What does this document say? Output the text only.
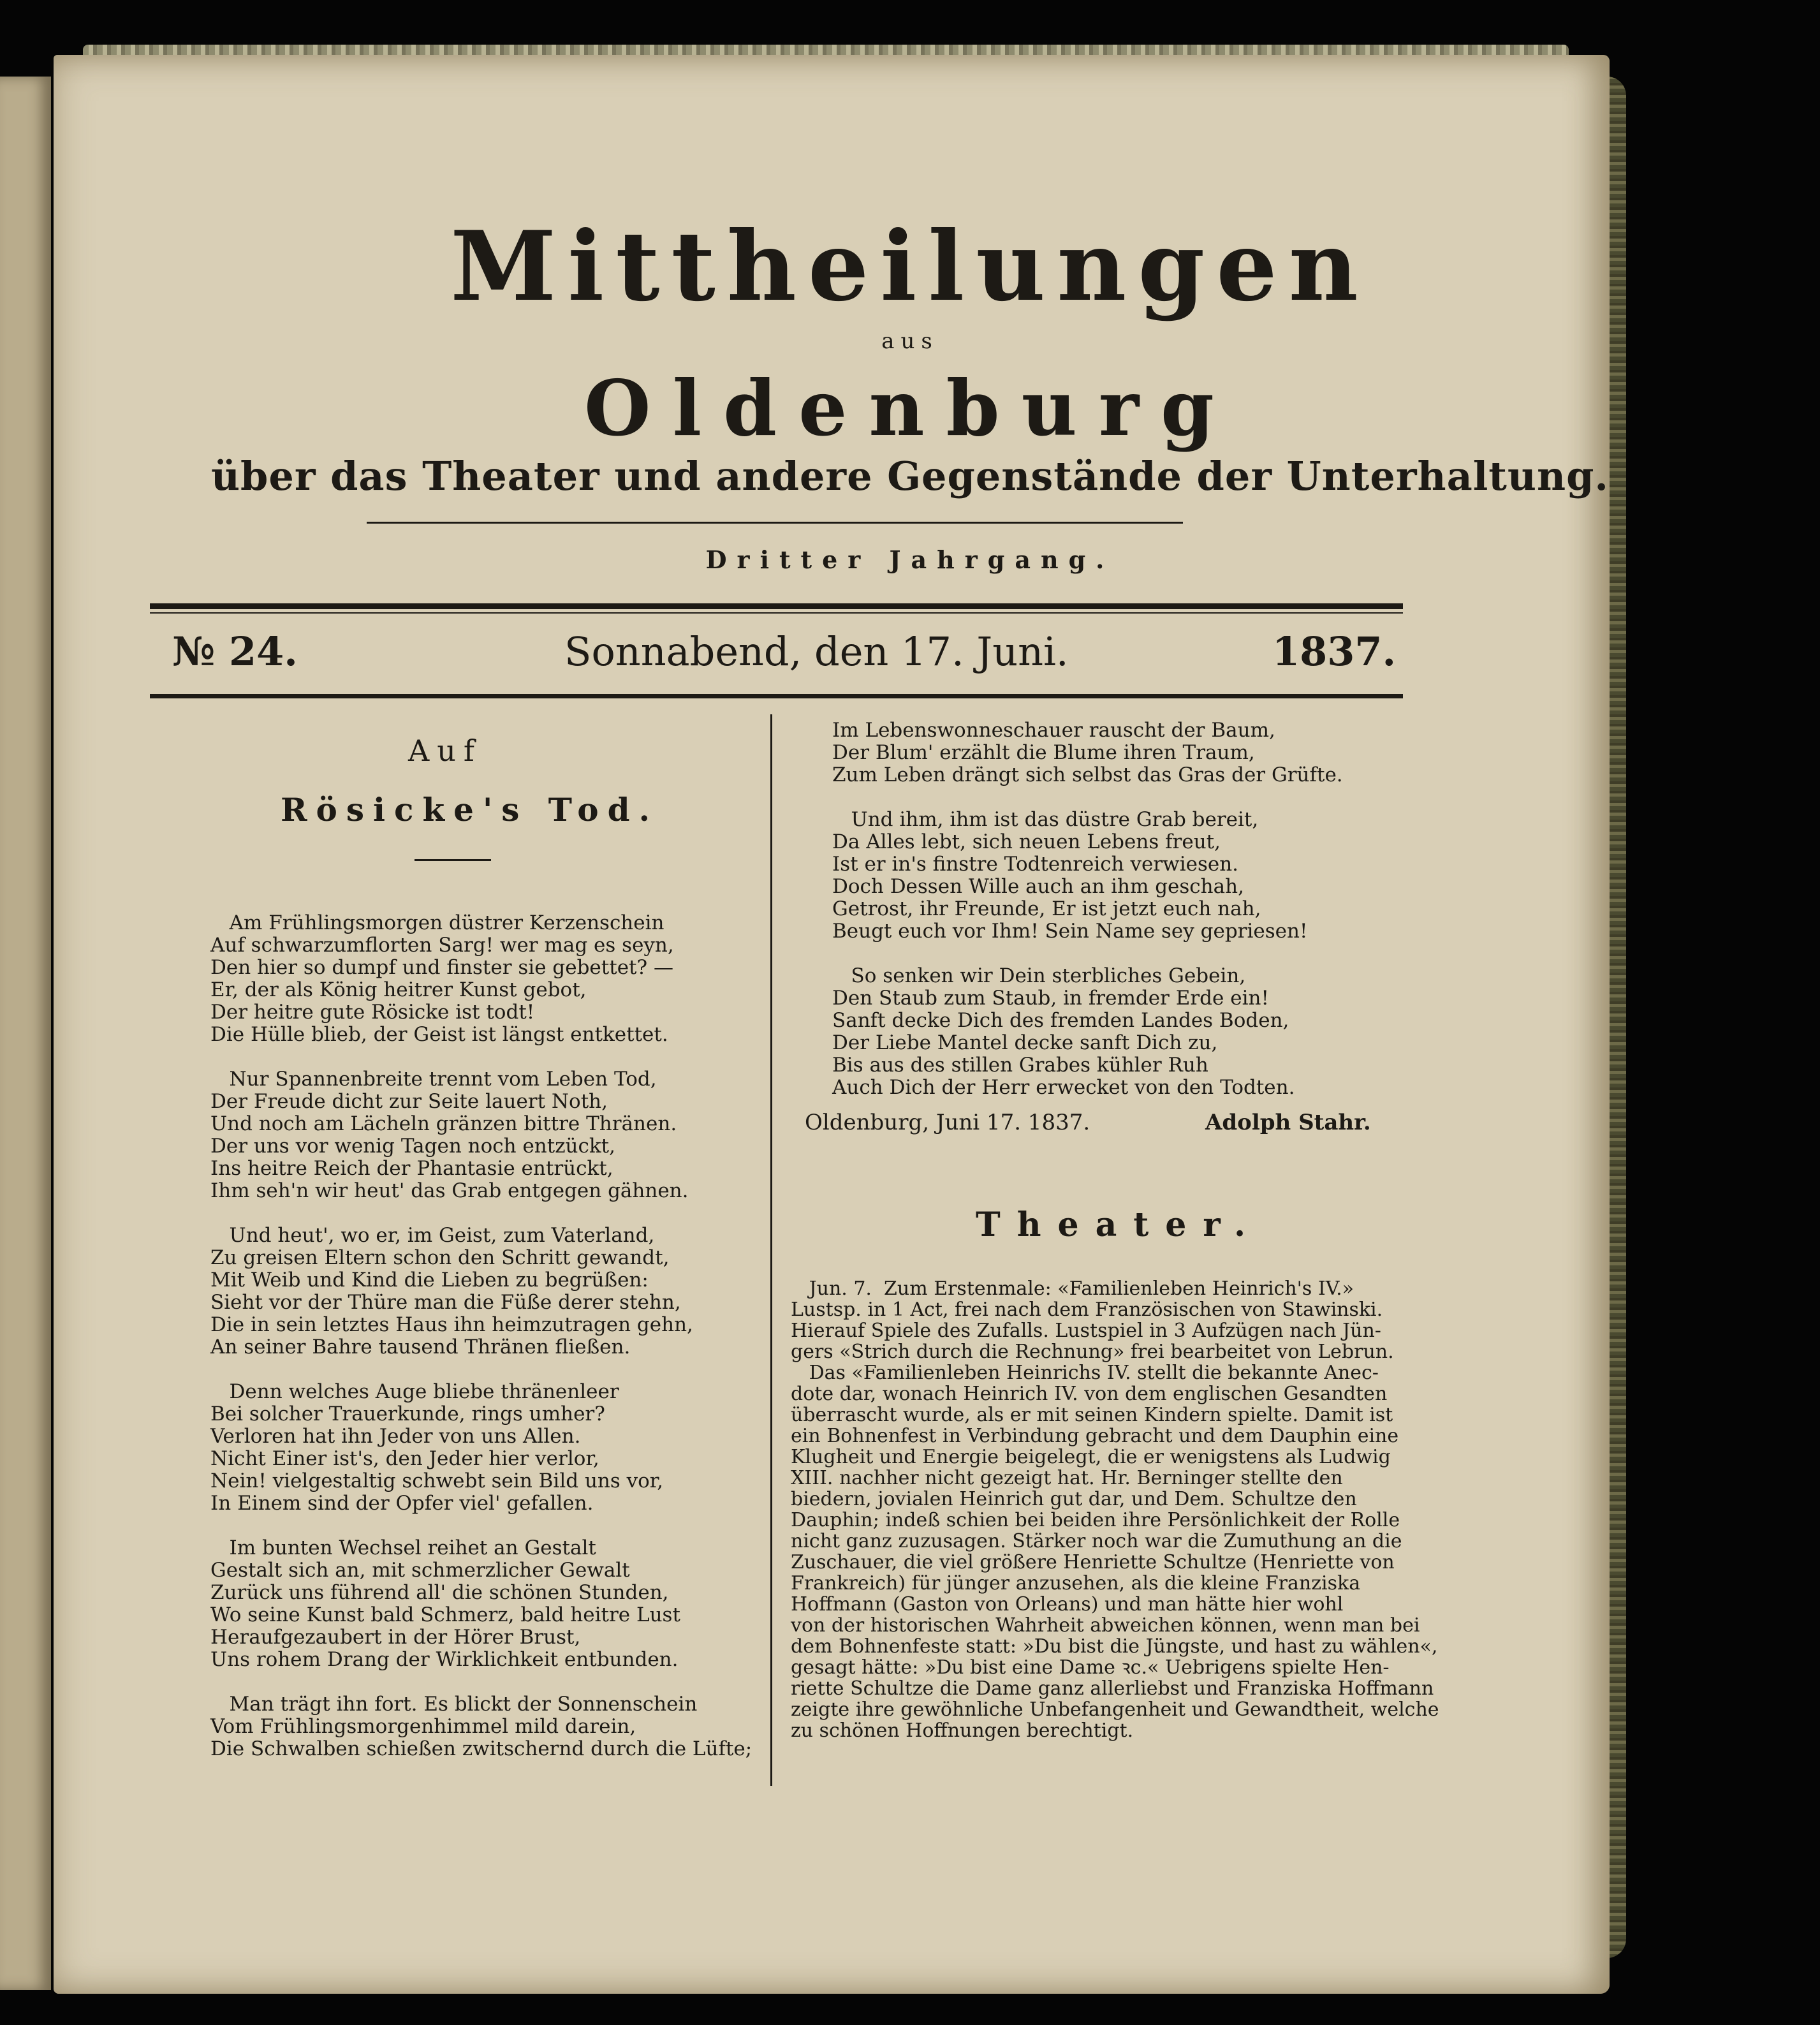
Mittheilungen
aus
Oldenburg
über das Theater und andere Gegenstände der Unterhaltung.
Dritter Jahrgang.
№ 24.	Sonnabend, den 17. Juni.	1837.
Auf
Rösicke's Tod.
Am Frühlingsmorgen düstrer Kerzenschein
Auf schwarzumflorten Sarg! wer mag es seyn,
Den hier so dumpf und finster sie gebettet? —
Er, der als König heitrer Kunst gebot,
Der heitre gute Rösicke ist todt!
Die Hülle blieb, der Geist ist längst entkettet.

Nur Spannenbreite trennt vom Leben Tod,
Der Freude dicht zur Seite lauert Noth,
Und noch am Lächeln gränzen bittre Thränen.
Der uns vor wenig Tagen noch entzückt,
Ins heitre Reich der Phantasie entrückt,
Ihm seh'n wir heut' das Grab entgegen gähnen.

Und heut', wo er, im Geist, zum Vaterland,
Zu greisen Eltern schon den Schritt gewandt,
Mit Weib und Kind die Lieben zu begrüßen:
Sieht vor der Thüre man die Füße derer stehn,
Die in sein letztes Haus ihn heimzutragen gehn,
An seiner Bahre tausend Thränen fließen.

Denn welches Auge bliebe thränenleer
Bei solcher Trauerkunde, rings umher?
Verloren hat ihn Jeder von uns Allen.
Nicht Einer ist's, den Jeder hier verlor,
Nein! vielgestaltig schwebt sein Bild uns vor,
In Einem sind der Opfer viel' gefallen.

Im bunten Wechsel reihet an Gestalt
Gestalt sich an, mit schmerzlicher Gewalt
Zurück uns führend all' die schönen Stunden,
Wo seine Kunst bald Schmerz, bald heitre Lust
Heraufgezaubert in der Hörer Brust,
Uns rohem Drang der Wirklichkeit entbunden.

Man trägt ihn fort. Es blickt der Sonnenschein
Vom Frühlingsmorgenhimmel mild darein,
Die Schwalben schießen zwitschernd durch die Lüfte;
Im Lebenswonneschauer rauscht der Baum,
Der Blum' erzählt die Blume ihren Traum,
Zum Leben drängt sich selbst das Gras der Grüfte.

Und ihm, ihm ist das düstre Grab bereit,
Da Alles lebt, sich neuen Lebens freut,
Ist er in's finstre Todtenreich verwiesen.
Doch Dessen Wille auch an ihm geschah,
Getrost, ihr Freunde, Er ist jetzt euch nah,
Beugt euch vor Ihm! Sein Name sey gepriesen!

So senken wir Dein sterbliches Gebein,
Den Staub zum Staub, in fremder Erde ein!
Sanft decke Dich des fremden Landes Boden,
Der Liebe Mantel decke sanft Dich zu,
Bis aus des stillen Grabes kühler Ruh
Auch Dich der Herr erwecket von den Todten.
Oldenburg, Juni 17. 1837.	Adolph Stahr.
Theater.
Jun. 7.  Zum Erstenmale: «Familienleben Heinrich's IV.»
Lustsp. in 1 Act, frei nach dem Französischen von Stawinski.
Hierauf Spiele des Zufalls. Lustspiel in 3 Aufzügen nach Jün-
gers «Strich durch die Rechnung» frei bearbeitet von Lebrun.
Das «Familienleben Heinrichs IV. stellt die bekannte Anec-
dote dar, wonach Heinrich IV. von dem englischen Gesandten
überrascht wurde, als er mit seinen Kindern spielte. Damit ist
ein Bohnenfest in Verbindung gebracht und dem Dauphin eine
Klugheit und Energie beigelegt, die er wenigstens als Ludwig
XIII. nachher nicht gezeigt hat. Hr. Berninger stellte den
biedern, jovialen Heinrich gut dar, und Dem. Schultze den
Dauphin; indeß schien bei beiden ihre Persönlichkeit der Rolle
nicht ganz zuzusagen. Stärker noch war die Zumuthung an die
Zuschauer, die viel größere Henriette Schultze (Henriette von
Frankreich) für jünger anzusehen, als die kleine Franziska
Hoffmann (Gaston von Orleans) und man hätte hier wohl
von der historischen Wahrheit abweichen können, wenn man bei
dem Bohnenfeste statt: »Du bist die Jüngste, und hast zu wählen«,
gesagt hätte: »Du bist eine Dame ꝛc.« Uebrigens spielte Hen-
riette Schultze die Dame ganz allerliebst und Franziska Hoffmann
zeigte ihre gewöhnliche Unbefangenheit und Gewandtheit, welche
zu schönen Hoffnungen berechtigt.
